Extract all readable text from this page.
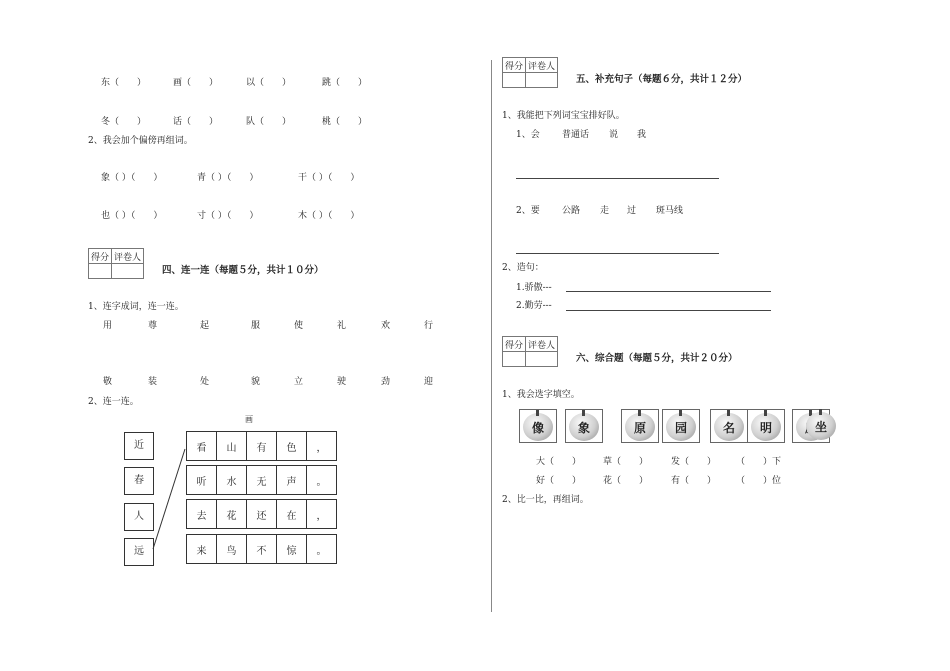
东（　　）	画（　　）	以（　　）	跳（　　）
冬（　　）	话（　　）	队（　　）	桃（　　）
2、我会加个偏傍再组词。
象（ ）（　　）	青（ ）（　　）	干（ ）（　　）
也（ ）（　　）	寸（ ）（　　）	木（ ）（　　）
得分	评卷人

四、连一连（每题５分，共计１０分）
1、连字成词，连一连。
用	尊	起	服	使	礼	欢	行
敬	装	处	貌	立	驶	劲	迎
2、连一连。
画
近
春
人
远
看	山	有	色	，
听	水	无	声	。
去	花	还	在	，
来	鸟	不	惊	。
得分	评卷人

五、补充句子（每题６分，共计１２分）
1、我能把下列词宝宝排好队。
1、会 普通话 说 我
2、要 公路 走 过 斑马线
2、造句：
1.骄傲---
2.勤劳---
得分	评卷人

六、综合题（每题５分，共计２０分）
1、我会选字填空。
像	象	原	园	名	明	坐
大（　　） 草（　　）	发（　　） （　　）下
好（　　） 花（　　）	有（　　） （　　）位
2、比一比，再组词。
